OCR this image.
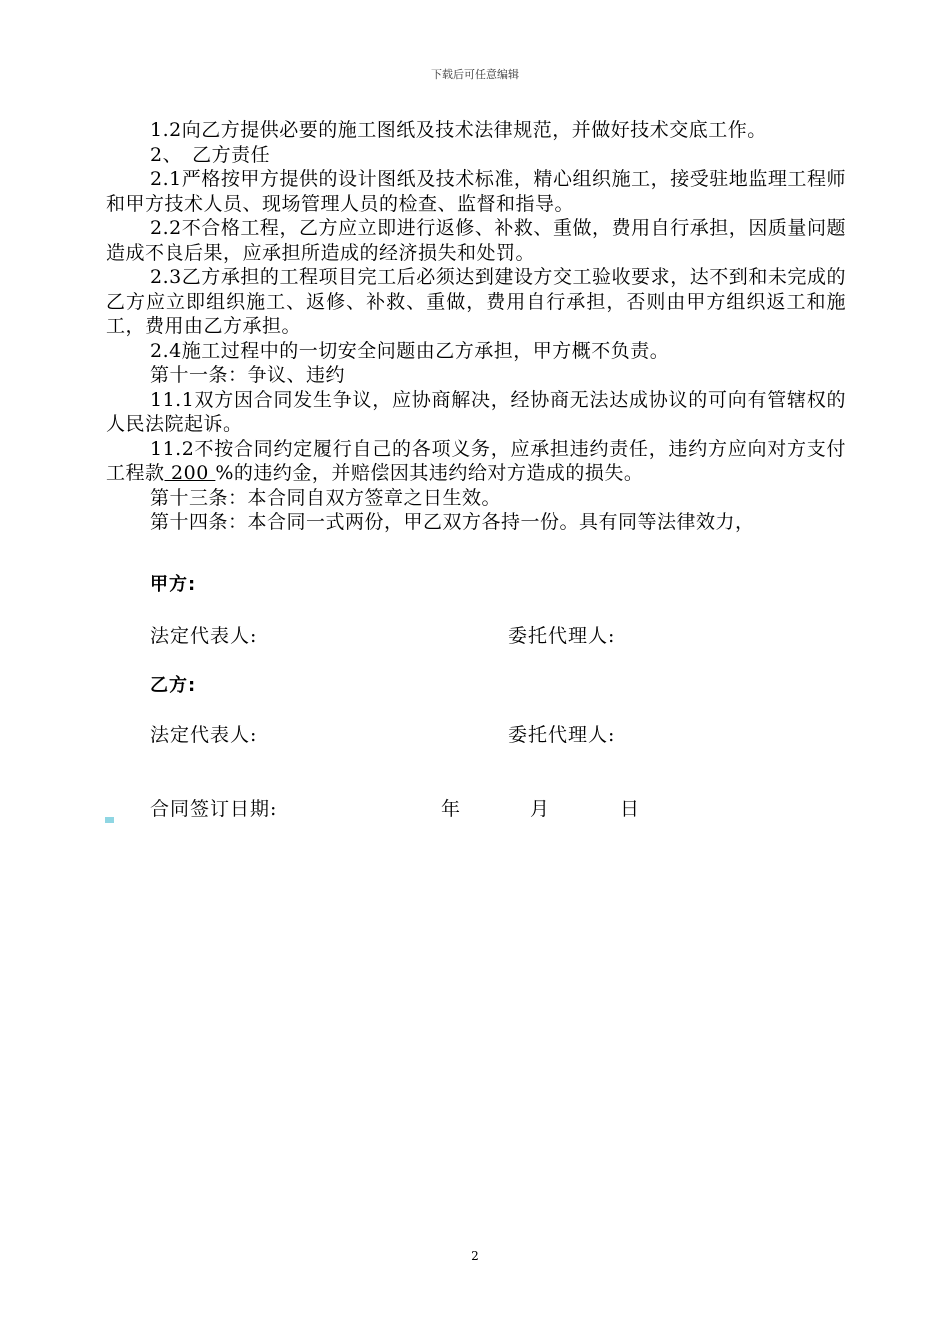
下载后可任意编辑

1.2向乙方提供必要的施工图纸及技术法律规范，并做好技术交底工作。

2、　乙方责任

2.1严格按甲方提供的设计图纸及技术标准，精心组织施工，接受驻地监理工程师和甲方技术人员、现场管理人员的检查、监督和指导。

2.2不合格工程，乙方应立即进行返修、补救、重做，费用自行承担，因质量问题造成不良后果，应承担所造成的经济损失和处罚。

2.3乙方承担的工程项目完工后必须达到建设方交工验收要求，达不到和未完成的乙方应立即组织施工、返修、补救、重做，费用自行承担，否则由甲方组织返工和施工，费用由乙方承担。

2.4施工过程中的一切安全问题由乙方承担，甲方概不负责。

第十一条：争议、违约

11.1双方因合同发生争议，应协商解决，经协商无法达成协议的可向有管辖权的人民法院起诉。

11.2不按合同约定履行自己的各项义务，应承担违约责任，违约方应向对方支付工程款 200 %的违约金，并赔偿因其违约给对方造成的损失。

第十三条：本合同自双方签章之日生效。

第十四条：本合同一式两份，甲乙双方各持一份。具有同等法律效力，

甲方:
法定代表人:	委托代理人:
乙方:
法定代表人:	委托代理人:
合同签订日期:	年	月	日
2
